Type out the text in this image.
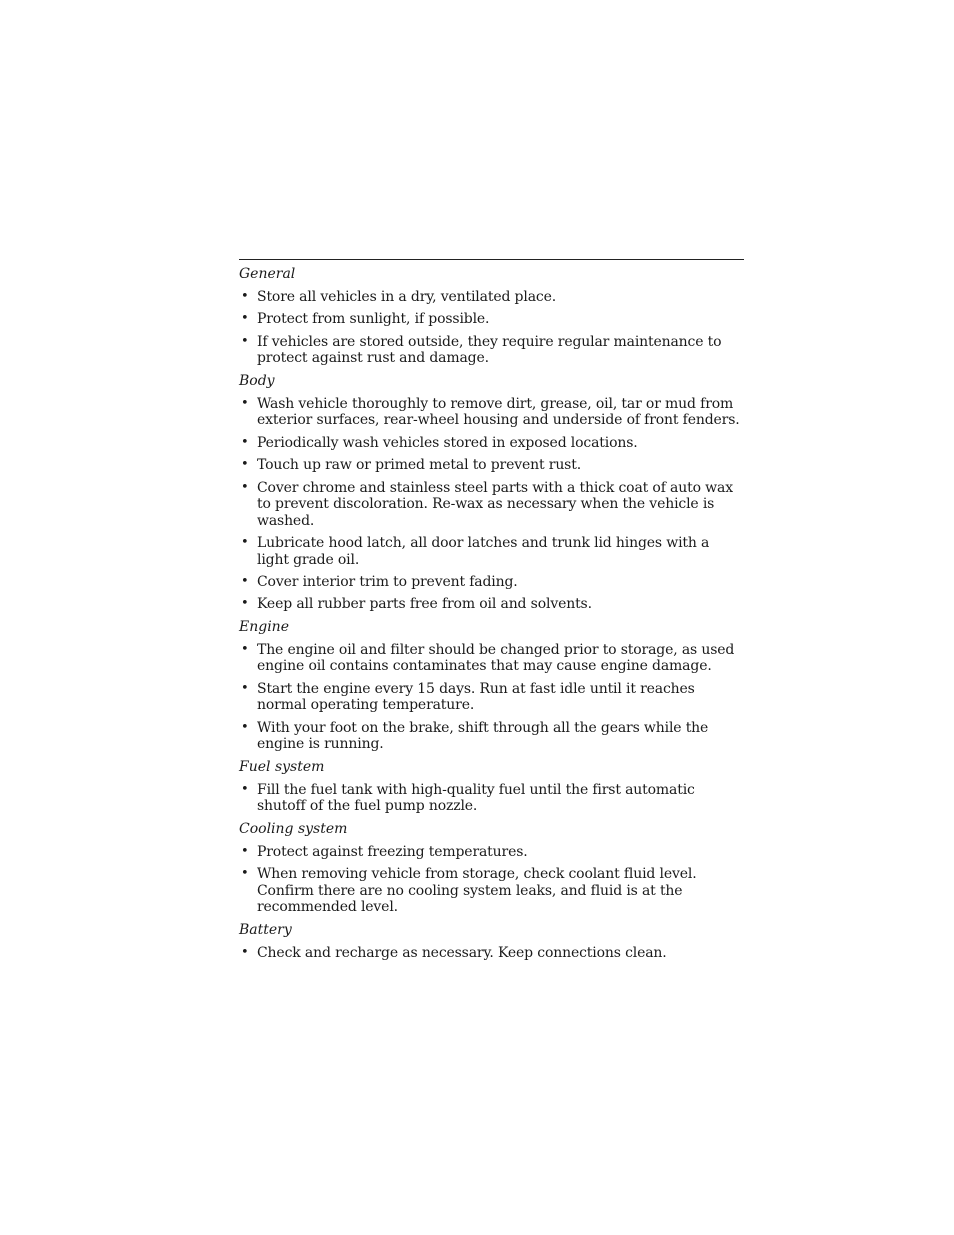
General
• Store all vehicles in a dry, ventilated place.
• Protect from sunlight, if possible.
• If vehicles are stored outside, they require regular maintenance to protect against rust and damage.
Body
• Wash vehicle thoroughly to remove dirt, grease, oil, tar or mud from exterior surfaces, rear-wheel housing and underside of front fenders.
• Periodically wash vehicles stored in exposed locations.
• Touch up raw or primed metal to prevent rust.
• Cover chrome and stainless steel parts with a thick coat of auto wax to prevent discoloration. Re-wax as necessary when the vehicle is washed.
• Lubricate hood latch, all door latches and trunk lid hinges with a light grade oil.
• Cover interior trim to prevent fading.
• Keep all rubber parts free from oil and solvents.
Engine
• The engine oil and filter should be changed prior to storage, as used engine oil contains contaminates that may cause engine damage.
• Start the engine every 15 days. Run at fast idle until it reaches normal operating temperature.
• With your foot on the brake, shift through all the gears while the engine is running.
Fuel system
• Fill the fuel tank with high-quality fuel until the first automatic shutoff of the fuel pump nozzle.
Cooling system
• Protect against freezing temperatures.
• When removing vehicle from storage, check coolant fluid level. Confirm there are no cooling system leaks, and fluid is at the recommended level.
Battery
• Check and recharge as necessary. Keep connections clean.
